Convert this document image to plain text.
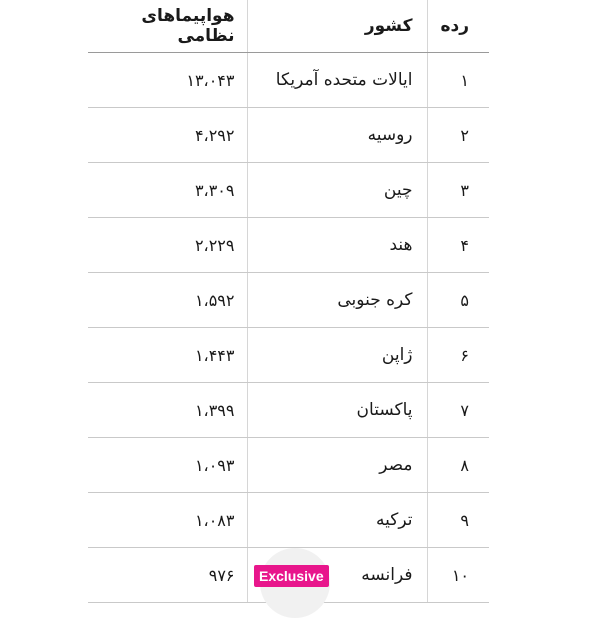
رده	کشور	هواپیماهای نظامی
۱	ایالات متحده آمریکا	۱۳،۰۴۳
۲	روسیه	۴،۲۹۲
۳	چین	۳،۳۰۹
۴	هند	۲،۲۲۹
۵	کره جنوبی	۱،۵۹۲
۶	ژاپن	۱،۴۴۳
۷	پاکستان	۱،۳۹۹
۸	مصر	۱،۰۹۳
۹	ترکیه	۱،۰۸۳
۱۰	فرانسه	۹۷۶	Exclusive
